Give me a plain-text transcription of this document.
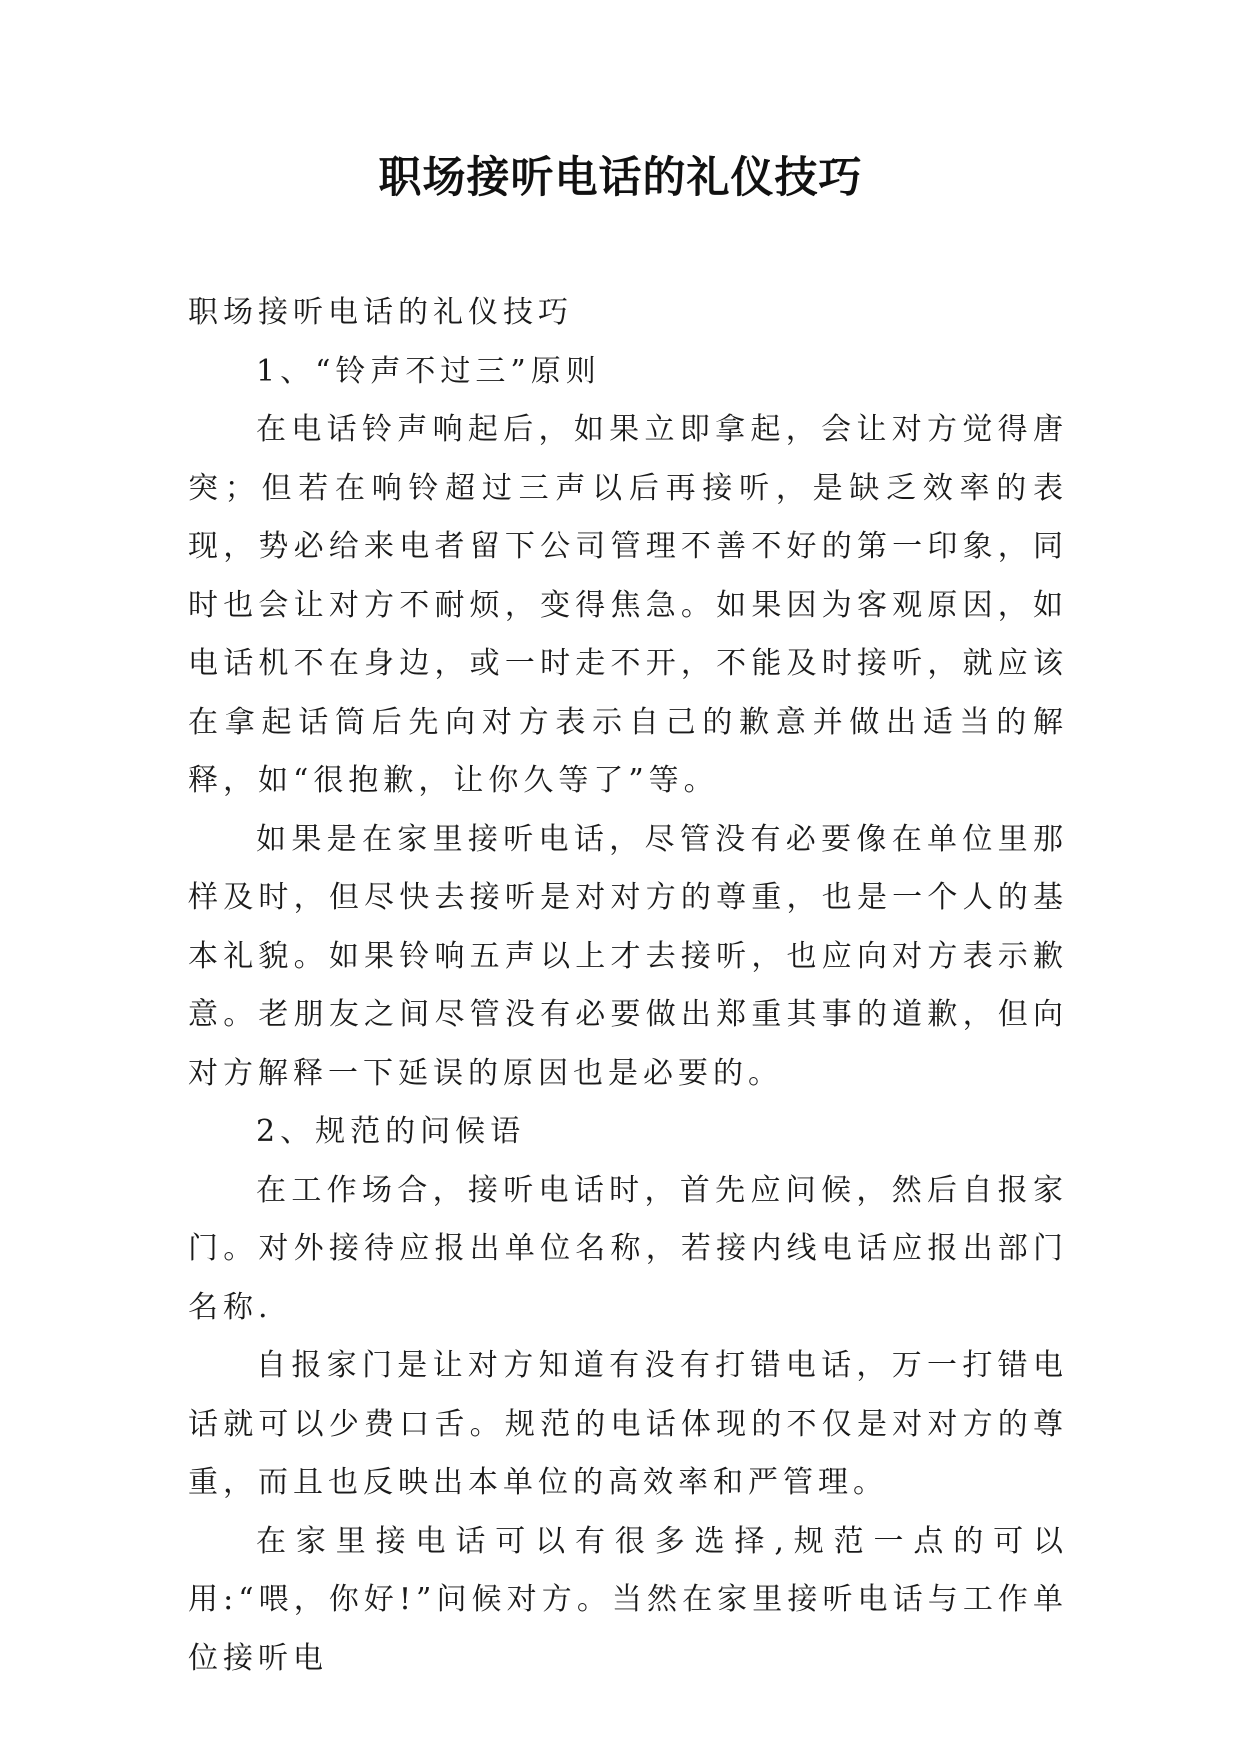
职场接听电话的礼仪技巧

职场接听电话的礼仪技巧

1、“铃声不过三”原则

在电话铃声响起后，如果立即拿起，会让对方觉得唐突；但若在响铃超过三声以后再接听，是缺乏效率的表现，势必给来电者留下公司管理不善不好的第一印象，同时也会让对方不耐烦，变得焦急。如果因为客观原因，如电话机不在身边，或一时走不开，不能及时接听，就应该在拿起话筒后先向对方表示自己的歉意并做出适当的解释，如“很抱歉，让你久等了”等。

如果是在家里接听电话，尽管没有必要像在单位里那样及时，但尽快去接听是对对方的尊重，也是一个人的基本礼貌。如果铃响五声以上才去接听，也应向对方表示歉意。老朋友之间尽管没有必要做出郑重其事的道歉，但向对方解释一下延误的原因也是必要的。

2、规范的问候语

在工作场合，接听电话时，首先应问候，然后自报家门。对外接待应报出单位名称，若接内线电话应报出部门名称.

自报家门是让对方知道有没有打错电话，万一打错电话就可以少费口舌。规范的电话体现的不仅是对对方的尊重，而且也反映出本单位的高效率和严管理。

在家里接电话可以有很多选择,规范一点的可以用:“喂，你好!”问候对方。当然在家里接听电话与工作单位接听电
